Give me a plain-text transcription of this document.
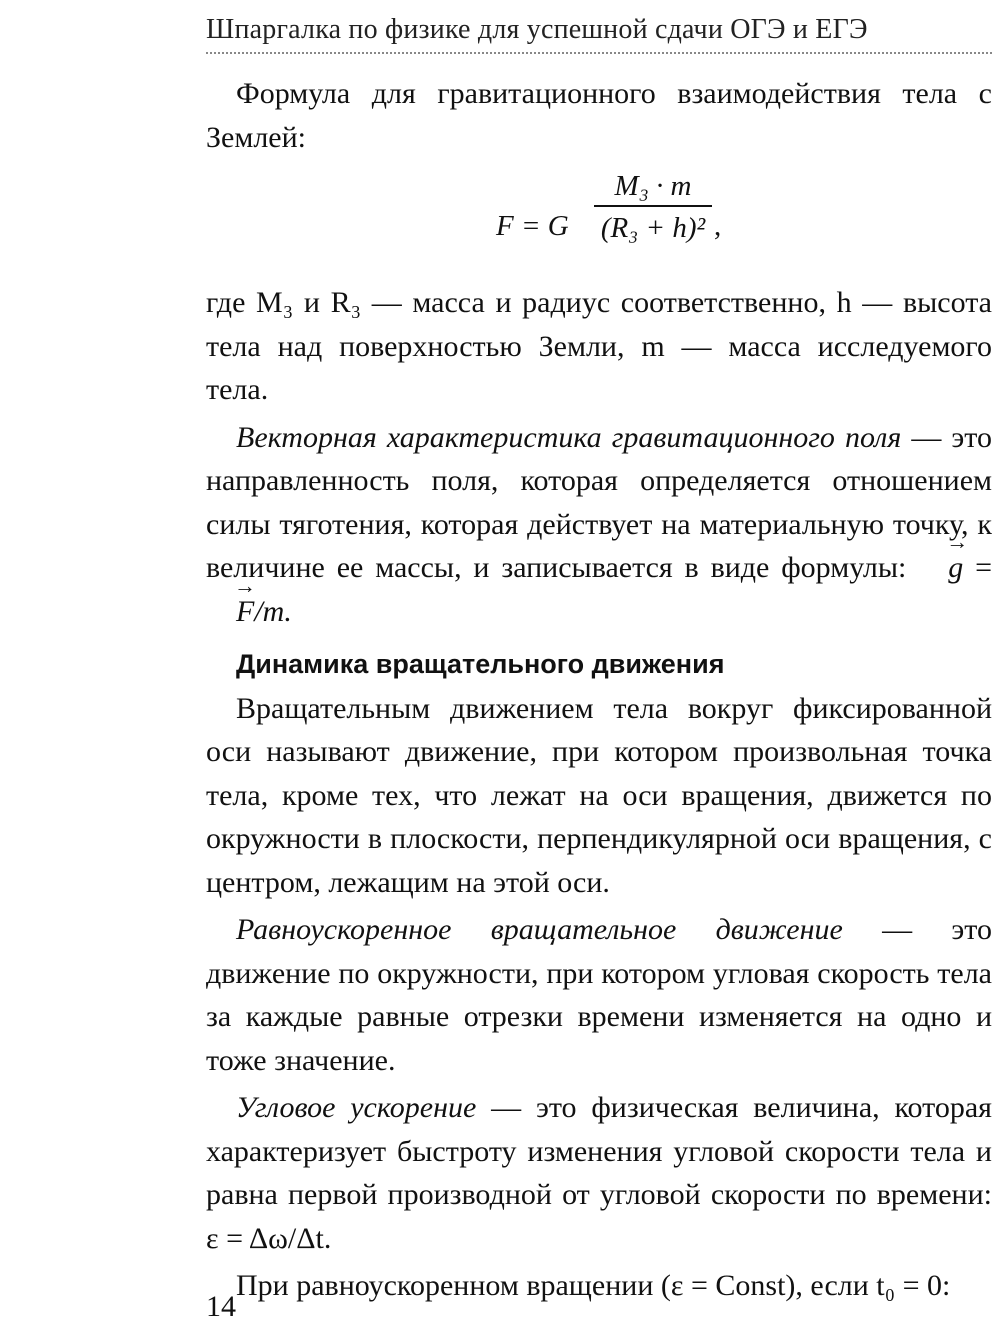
Шпаргалка по физике для успешной сдачи ОГЭ и ЕГЭ

Формула для гравитационного взаимодействия тела с Землей:

F = G
M₃ · m
(R₃ + h)² ,

где M₃ и R₃ — масса и радиус соответственно, h — высота тела над поверхностью Земли, m — масса исследуемого тела.

Векторная характеристика гравитационного поля — это направленность поля, которая определяется отношением силы тяготения, которая действует на материальную точку, к величине ее массы, и записывается в виде формулы: → g = → F/m.

Динамика вращательного движения

Вращательным движением тела вокруг фиксированной оси называют движение, при котором произвольная точка тела, кроме тех, что лежат на оси вращения, движется по окружности в плоскости, перпендикулярной оси вращения, с центром, лежащим на этой оси.

Равноускоренное вращательное движение — это движение по окружности, при котором угловая скорость тела за каждые равные отрезки времени изменяется на одно и тоже значение.

Угловое ускорение — это физическая величина, которая характеризует быстроту изменения угловой скорости тела и равна первой производной от угловой скорости по времени: ε = Δω/Δt.

При равноускоренном вращении (ε = Const), если t₀ = 0:

14
